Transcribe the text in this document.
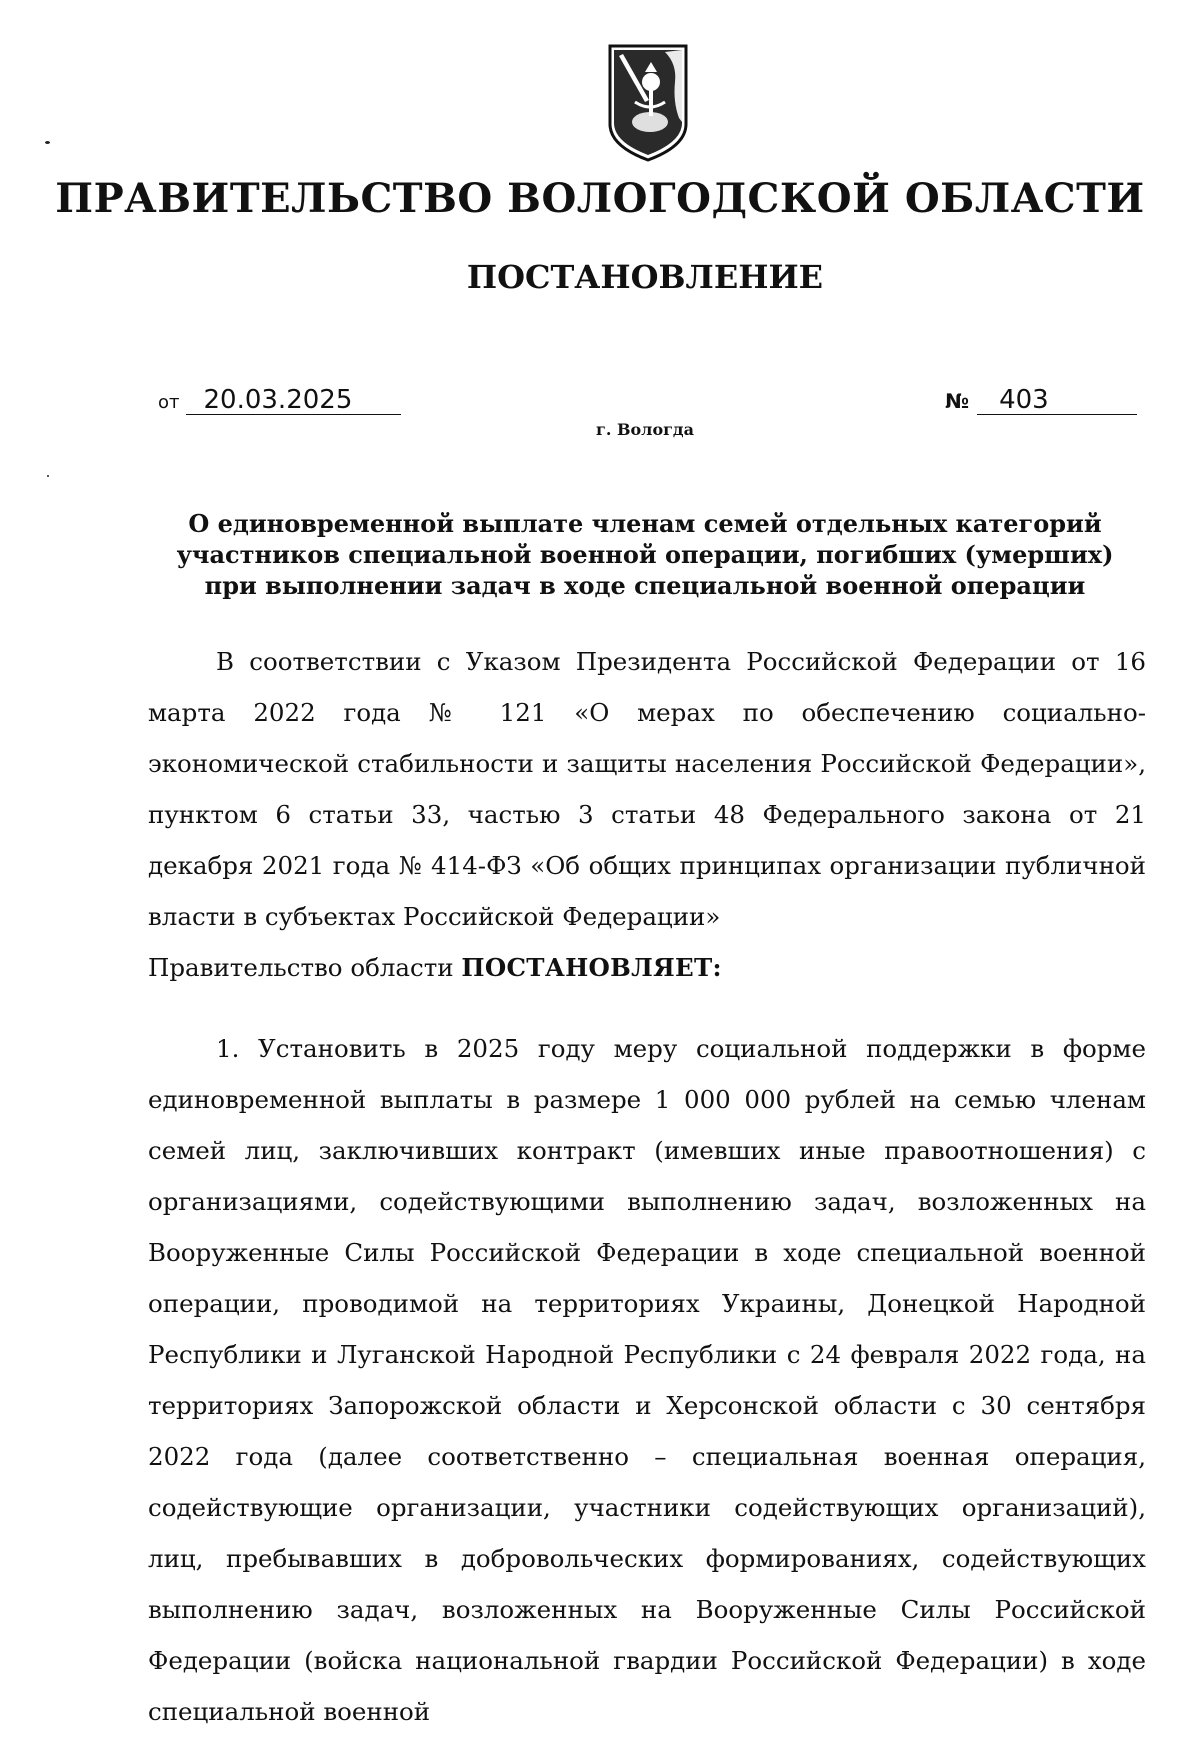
ПРАВИТЕЛЬСТВО ВОЛОГОДСКОЙ ОБЛАСТИ
ПОСТАНОВЛЕНИЕ
от 20.03.2025	№ 403
г. Вологда
О единовременной выплате членам семей отдельных категорий
участников специальной военной операции, погибших (умерших)
при выполнении задач в ходе специальной военной операции

В соответствии с Указом Президента Российской Федерации от 16 марта 2022 года № 121 «О мерах по обеспечению социально-экономической стабильности и защиты населения Российской Федерации», пунктом 6 статьи 33, частью 3 статьи 48 Федерального закона от 21 декабря 2021 года № 414-ФЗ «Об общих принципах организации публичной власти в субъектах Российской Федерации»

Правительство области ПОСТАНОВЛЯЕТ:

1. Установить в 2025 году меру социальной поддержки в форме единовременной выплаты в размере 1 000 000 рублей на семью членам семей лиц, заключивших контракт (имевших иные правоотношения) с организациями, содействующими выполнению задач, возложенных на Вооруженные Силы Российской Федерации в ходе специальной военной операции, проводимой на территориях Украины, Донецкой Народной Республики и Луганской Народной Республики с 24 февраля 2022 года, на территориях Запорожской области и Херсонской области с 30 сентября 2022 года (далее соответственно – специальная военная операция, содействующие организации, участники содействующих организаций), лиц, пребывавших в добровольческих формированиях, содействующих выполнению задач, возложенных на Вооруженные Силы Российской Федерации (войска национальной гвардии Российской Федерации) в ходе специальной военной
